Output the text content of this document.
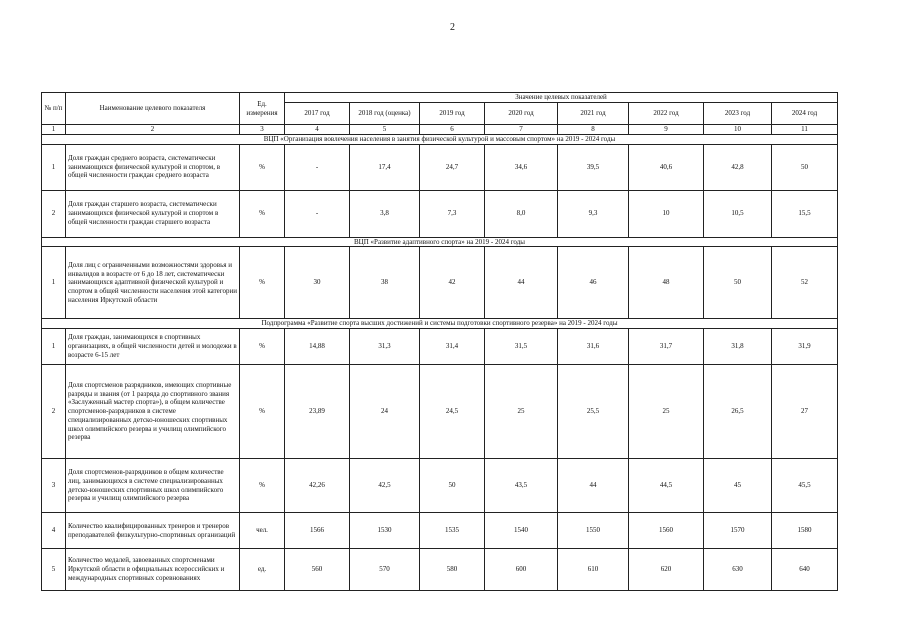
2
№ п/п	Наименование целевого показателя	Ед. измерения	Значение целевых показателей							
			2017 год	2018 год (оценка)	2019 год	2020 год	2021 год	2022 год	2023 год	2024 год
1	2	3	4	5	6	7	8	9	10	11
ВЦП «Организация вовлечения населения в занятия физической культурой и массовым спортом» на 2019 - 2024 годы										
1	Доля граждан среднего возраста, систематически занимающихся физической культурой и спортом, в общей численности граждан среднего возраста	%	-	17,4	24,7	34,6	39,5	40,6	42,8	50
2	Доля граждан старшего возраста, систематически занимающихся физической культурой и спортом в общей численности граждан старшего возраста	%	-	3,8	7,3	8,0	9,3	10	10,5	15,5
ВЦП «Развитие адаптивного спорта» на 2019 - 2024 годы										
1	Доля лиц с ограниченными возможностями здоровья и инвалидов в возрасте от 6 до 18 лет, систематически занимающихся адаптивной физической культурой и спортом в общей численности населения этой категории населения Иркутской области	%	30	38	42	44	46	48	50	52
Подпрограмма «Развитие спорта высших достижений и системы подготовки спортивного резерва» на 2019 - 2024 годы										
1	Доля граждан, занимающихся в спортивных организациях, в общей численности детей и молодежи в возрасте 6-15 лет	%	14,88	31,3	31,4	31,5	31,6	31,7	31,8	31,9
2	Доля спортсменов разрядников, имеющих спортивные разряды и звания (от 1 разряда до спортивного звания «Заслуженный мастер спорта»), в общем количестве спортсменов-разрядников в системе специализированных детско-юношеских спортивных школ олимпийского резерва и училищ олимпийского резерва	%	23,89	24	24,5	25	25,5	25	26,5	27
3	Доля спортсменов-разрядников в общем количестве лиц, занимающихся в системе специализированных детско-юношеских спортивных школ олимпийского резерва и училищ олимпийского резерва	%	42,26	42,5	50	43,5	44	44,5	45	45,5
4	Количество квалифицированных тренеров и тренеров преподавателей физкультурно-спортивных организаций	чел.	1566	1530	1535	1540	1550	1560	1570	1580
5	Количество медалей, завоеванных спортсменами Иркутской области в официальных всероссийских и международных спортивных соревнованиях	ед.	560	570	580	600	610	620	630	640
